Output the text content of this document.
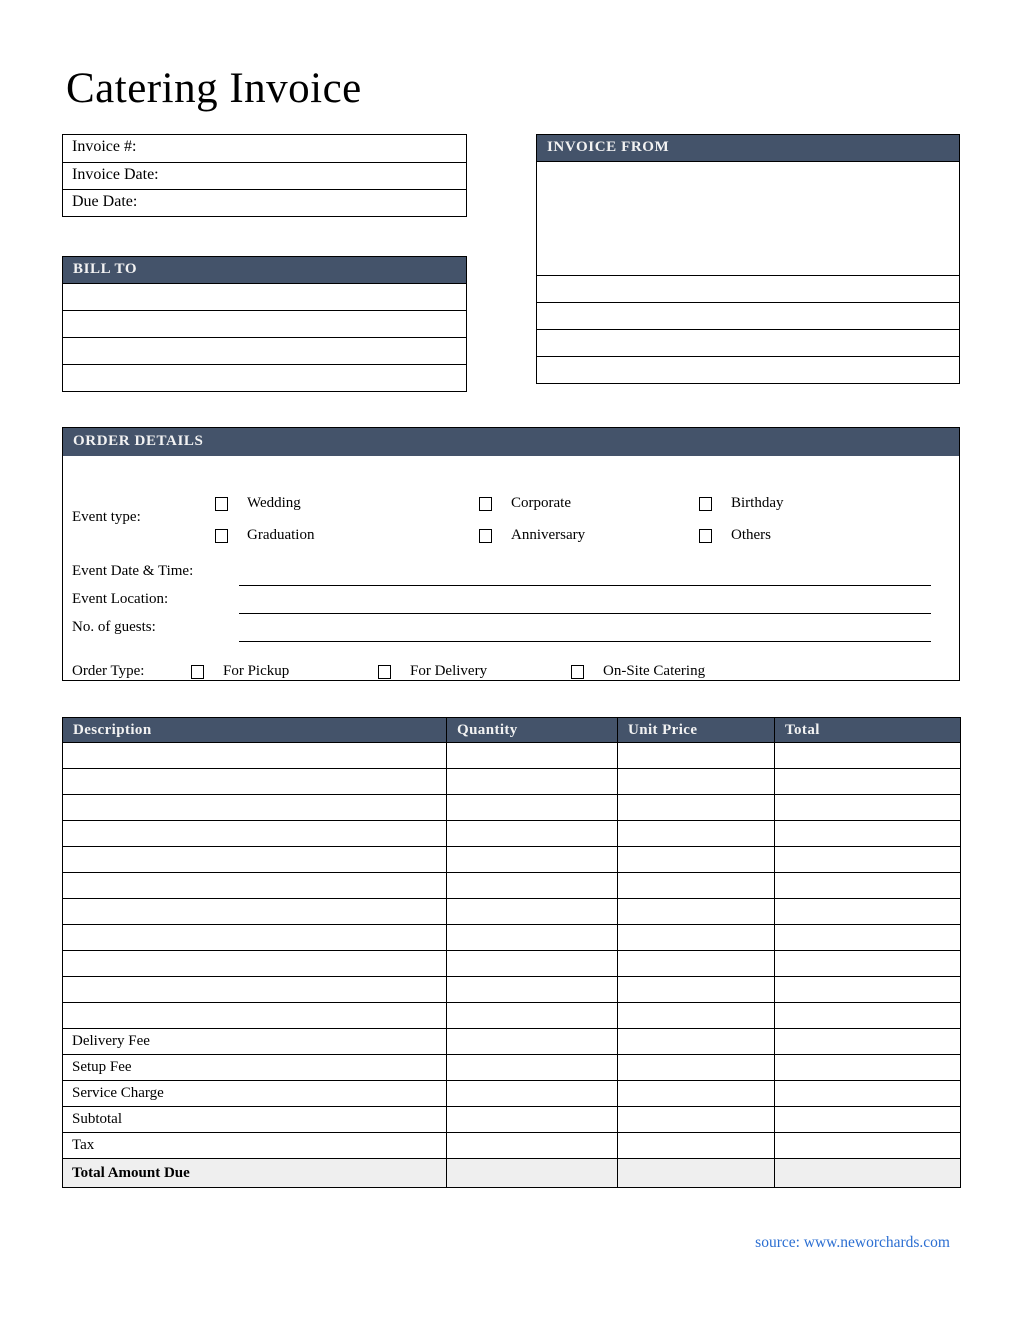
Catering Invoice
Invoice #:
Invoice Date:
Due Date:
INVOICE FROM
BILL TO
ORDER DETAILS
Event type:
Wedding	Corporate	Birthday
Graduation	Anniversary	Others
Event Date & Time:
Event Location:
No. of guests:
Order Type:	For Pickup	For Delivery	On-Site Catering
Description	Quantity	Unit Price	Total

Delivery Fee			
Setup Fee			
Service Charge			
Subtotal			
Tax			
Total Amount Due			
source: www.neworchards.com
